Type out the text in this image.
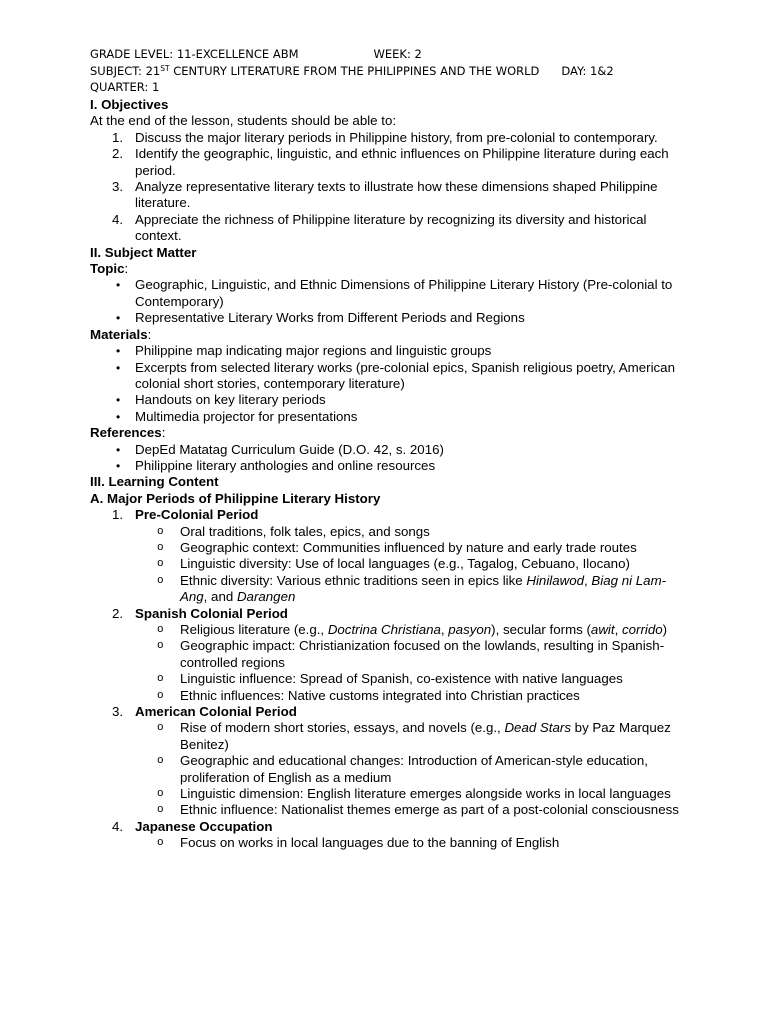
GRADE LEVEL: 11-EXCELLENCE ABM	WEEK: 2
SUBJECT: 21ST CENTURY LITERATURE FROM THE PHILIPPINES AND THE WORLD DAY: 1&2
QUARTER: 1

I. Objectives

At the end of the lesson, students should be able to:

1. Discuss the major literary periods in Philippine history, from pre-colonial to contemporary.
2. Identify the geographic, linguistic, and ethnic influences on Philippine literature during each period.
3. Analyze representative literary texts to illustrate how these dimensions shaped Philippine literature.
4. Appreciate the richness of Philippine literature by recognizing its diversity and historical context.

II. Subject Matter

Topic:

• Geographic, Linguistic, and Ethnic Dimensions of Philippine Literary History (Pre-colonial to Contemporary)
• Representative Literary Works from Different Periods and Regions

Materials:

• Philippine map indicating major regions and linguistic groups
• Excerpts from selected literary works (pre-colonial epics, Spanish religious poetry, American colonial short stories, contemporary literature)
• Handouts on key literary periods
• Multimedia projector for presentations

References:

• DepEd Matatag Curriculum Guide (D.O. 42, s. 2016)
• Philippine literary anthologies and online resources

III. Learning Content

A. Major Periods of Philippine Literary History

1. Pre-Colonial Period
o Oral traditions, folk tales, epics, and songs
o Geographic context: Communities influenced by nature and early trade routes
o Linguistic diversity: Use of local languages (e.g., Tagalog, Cebuano, Ilocano)
o Ethnic diversity: Various ethnic traditions seen in epics like Hinilawod, Biag ni Lam-Ang, and Darangen
2. Spanish Colonial Period
o Religious literature (e.g., Doctrina Christiana, pasyon), secular forms (awit, corrido)
o Geographic impact: Christianization focused on the lowlands, resulting in Spanish-controlled regions
o Linguistic influence: Spread of Spanish, co-existence with native languages
o Ethnic influences: Native customs integrated into Christian practices
3. American Colonial Period
o Rise of modern short stories, essays, and novels (e.g., Dead Stars by Paz Marquez Benitez)
o Geographic and educational changes: Introduction of American-style education, proliferation of English as a medium
o Linguistic dimension: English literature emerges alongside works in local languages
o Ethnic influence: Nationalist themes emerge as part of a post-colonial consciousness
4. Japanese Occupation
o Focus on works in local languages due to the banning of English
